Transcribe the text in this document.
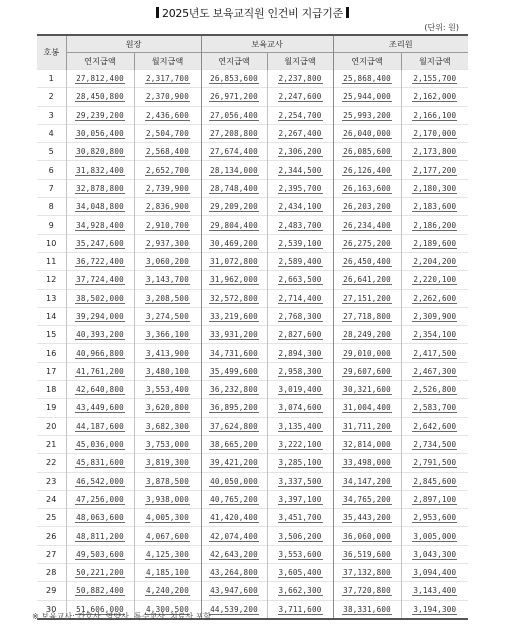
2025년도 보육교직원 인건비 지급기준
(단위: 원)
호봉	원장		보육교사		조리원	
	연지급액	월지급액	연지급액	월지급액	연지급액	월지급액
1	27,812,400	2,317,700	26,853,600	2,237,800	25,868,400	2,155,700
2	28,450,800	2,370,900	26,971,200	2,247,600	25,944,000	2,162,000
3	29,239,200	2,436,600	27,056,400	2,254,700	25,993,200	2,166,100
4	30,056,400	2,504,700	27,208,800	2,267,400	26,040,000	2,170,000
5	30,820,800	2,568,400	27,674,400	2,306,200	26,085,600	2,173,800
6	31,832,400	2,652,700	28,134,000	2,344,500	26,126,400	2,177,200
7	32,878,800	2,739,900	28,748,400	2,395,700	26,163,600	2,180,300
8	34,048,800	2,836,900	29,209,200	2,434,100	26,203,200	2,183,600
9	34,928,400	2,910,700	29,804,400	2,483,700	26,234,400	2,186,200
10	35,247,600	2,937,300	30,469,200	2,539,100	26,275,200	2,189,600
11	36,722,400	3,060,200	31,072,800	2,589,400	26,450,400	2,204,200
12	37,724,400	3,143,700	31,962,000	2,663,500	26,641,200	2,220,100
13	38,502,000	3,208,500	32,572,800	2,714,400	27,151,200	2,262,600
14	39,294,000	3,274,500	33,219,600	2,768,300	27,718,800	2,309,900
15	40,393,200	3,366,100	33,931,200	2,827,600	28,249,200	2,354,100
16	40,966,800	3,413,900	34,731,600	2,894,300	29,010,000	2,417,500
17	41,761,200	3,480,100	35,499,600	2,958,300	29,607,600	2,467,300
18	42,640,800	3,553,400	36,232,800	3,019,400	30,321,600	2,526,800
19	43,449,600	3,620,800	36,895,200	3,074,600	31,004,400	2,583,700
20	44,187,600	3,682,300	37,624,800	3,135,400	31,711,200	2,642,600
21	45,036,000	3,753,000	38,665,200	3,222,100	32,814,000	2,734,500
22	45,831,600	3,819,300	39,421,200	3,285,100	33,498,000	2,791,500
23	46,542,000	3,878,500	40,050,000	3,337,500	34,147,200	2,845,600
24	47,256,000	3,938,000	40,765,200	3,397,100	34,765,200	2,897,100
25	48,063,600	4,005,300	41,420,400	3,451,700	35,443,200	2,953,600
26	48,811,200	4,067,600	42,074,400	3,506,200	36,060,000	3,005,000
27	49,503,600	4,125,300	42,643,200	3,553,600	36,519,600	3,043,300
28	50,221,200	4,185,100	43,264,800	3,605,400	37,132,800	3,094,400
29	50,882,400	4,240,200	43,947,600	3,662,300	37,720,800	3,143,400
30	51,606,000	4,300,500	44,539,200	3,711,600	38,331,600	3,194,300
※ 보육교사: 간호사, 영양사, 특수교사, 치료사 포함
